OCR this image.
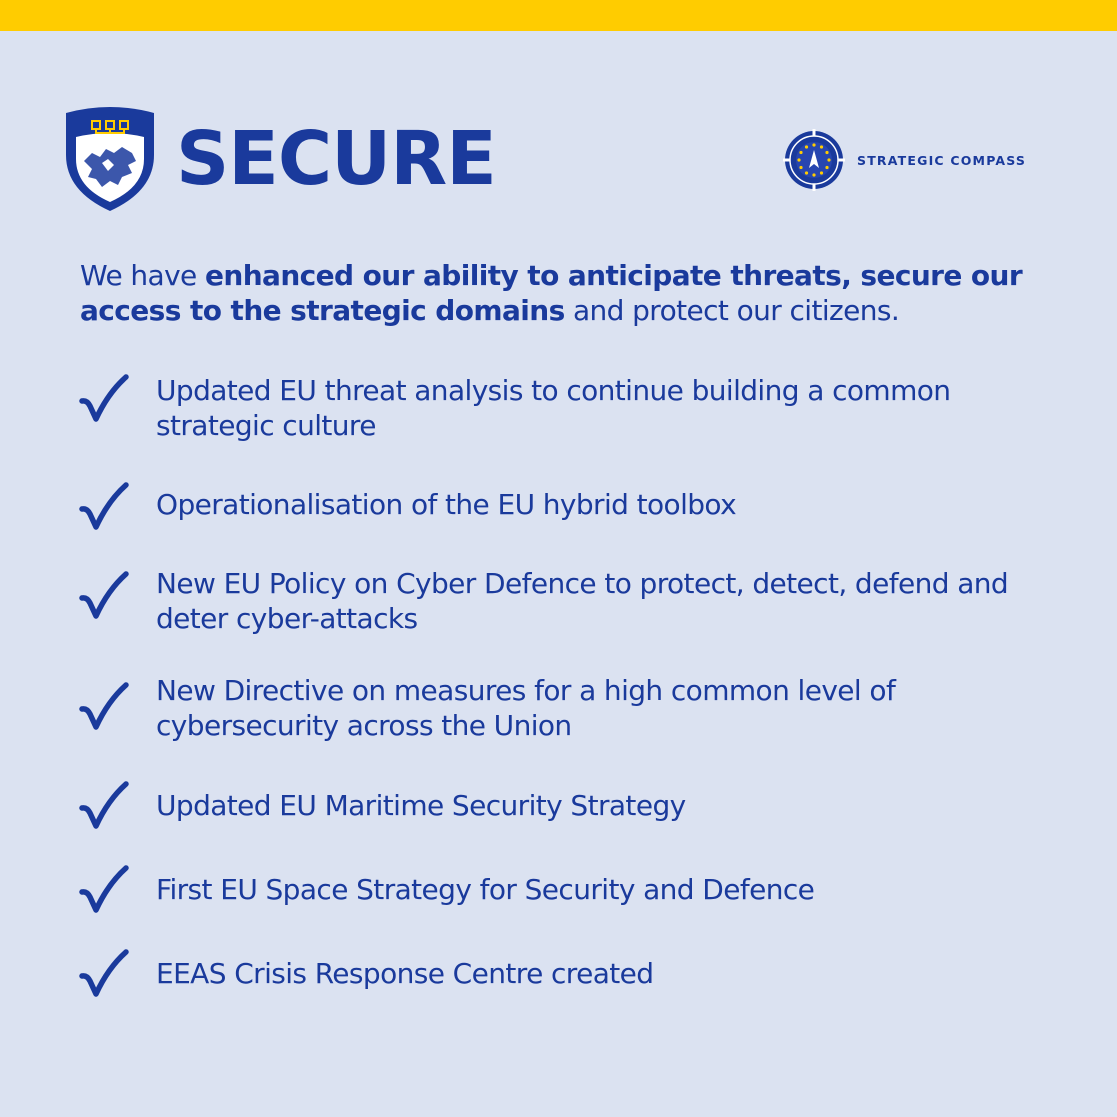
SECURE	STRATEGIC COMPASS

We have enhanced our ability to anticipate threats, secure our access to the strategic domains and protect our citizens.

Updated EU threat analysis to continue building a common strategic culture
Operationalisation of the EU hybrid toolbox
New EU Policy on Cyber Defence to protect, detect, defend and deter cyber-attacks
New Directive on measures for a high common level of cybersecurity across the Union
Updated EU Maritime Security Strategy
First EU Space Strategy for Security and Defence
EEAS Crisis Response Centre created
